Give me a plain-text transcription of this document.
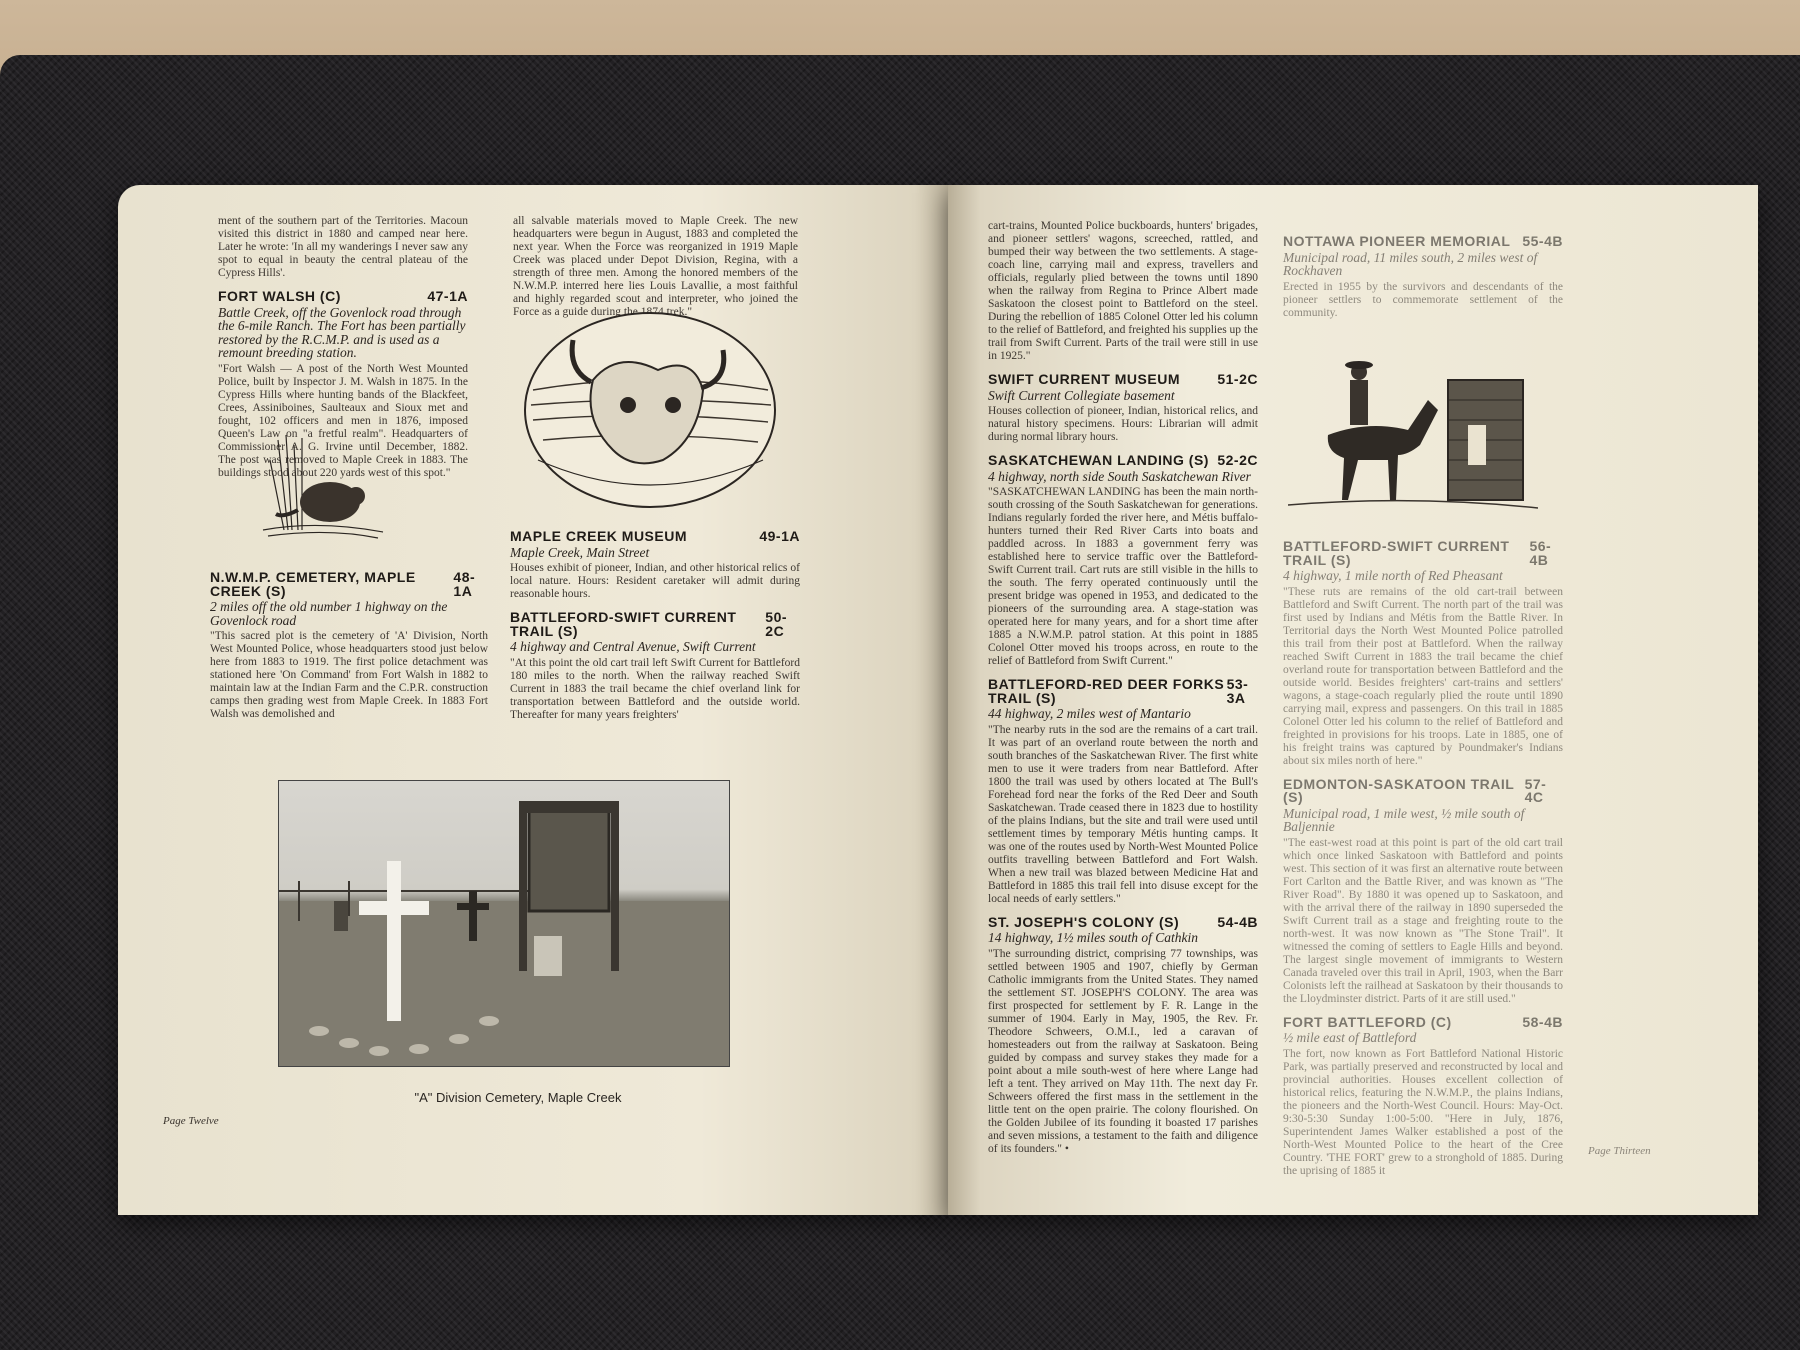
ment of the southern part of the Territories. Macoun visited this district in 1880 and camped near here. Later he wrote: 'In all my wanderings I never saw any spot to equal in beauty the central plateau of the Cypress Hills'.
FORT WALSH (C)	47-1A
Battle Creek, off the Govenlock road through the 6-mile Ranch. The Fort has been partially restored by the R.C.M.P. and is used as a remount breeding station.
"Fort Walsh — A post of the North West Mounted Police, built by Inspector J. M. Walsh in 1875. In the Cypress Hills where hunting bands of the Blackfeet, Crees, Assiniboines, Saulteaux and Sioux met and fought, 102 officers and men in 1876, imposed Queen's Law on "a fretful realm". Headquarters of Commissioner A. G. Irvine until December, 1882. The post was removed to Maple Creek in 1883. The buildings stood about 220 yards west of this spot."
N.W.M.P. CEMETERY, MAPLE CREEK (S)
48-1A
2 miles off the old number 1 highway on the Govenlock road
"This sacred plot is the cemetery of 'A' Division, North West Mounted Police, whose headquarters stood just below here from 1883 to 1919. The first police detachment was stationed here 'On Command' from Fort Walsh in 1882 to maintain law at the Indian Farm and the C.P.R. construction camps then grading west from Maple Creek. In 1883 Fort Walsh was demolished and
all salvable materials moved to Maple Creek. The new headquarters were begun in August, 1883 and completed the next year. When the Force was reorganized in 1919 Maple Creek was placed under Depot Division, Regina, with a strength of three men. Among the honored members of the N.W.M.P. interred here lies Louis Lavallie, a most faithful and highly regarded scout and interpreter, who joined the Force as a guide during the 1874 trek."
MAPLE CREEK MUSEUM	49-1A
Maple Creek, Main Street
Houses exhibit of pioneer, Indian, and other historical relics of local nature. Hours: Resident caretaker will admit during reasonable hours.
BATTLEFORD-SWIFT CURRENT TRAIL (S)
50-2C
4 highway and Central Avenue, Swift Current
"At this point the old cart trail left Swift Current for Battleford 180 miles to the north. When the railway reached Swift Current in 1883 the trail became the chief overland link for transportation between Battleford and the outside world. Thereafter for many years freighters'
"A" Division Cemetery, Maple Creek
Page Twelve
cart-trains, Mounted Police buckboards, hunters' brigades, and pioneer settlers' wagons, screeched, rattled, and bumped their way between the two settlements. A stage-coach line, carrying mail and express, travellers and officials, regularly plied between the towns until 1890 when the railway from Regina to Prince Albert made Saskatoon the closest point to Battleford on the steel. During the rebellion of 1885 Colonel Otter led his column to the relief of Battleford, and freighted his supplies up the trail from Swift Current. Parts of the trail were still in use in 1925."
SWIFT CURRENT MUSEUM	51-2C
Swift Current Collegiate basement
Houses collection of pioneer, Indian, historical relics, and natural history specimens. Hours: Librarian will admit during normal library hours.
SASKATCHEWAN LANDING (S) 52-2C
4 highway, north side South Saskatchewan River
"SASKATCHEWAN LANDING has been the main north-south crossing of the South Saskatchewan for generations. Indians regularly forded the river here, and Métis buffalo-hunters turned their Red River Carts into boats and paddled across. In 1883 a government ferry was established here to service traffic over the Battleford-Swift Current trail. Cart ruts are still visible in the hills to the south. The ferry operated continuously until the present bridge was opened in 1953, and dedicated to the pioneers of the surrounding area. A stage-station was operated here for many years, and for a short time after 1885 a N.W.M.P. patrol station. At this point in 1885 Colonel Otter moved his troops across, en route to the relief of Battleford from Swift Current."
BATTLEFORD-RED DEER FORKS TRAIL (S)
53-3A
44 highway, 2 miles west of Mantario
"The nearby ruts in the sod are the remains of a cart trail. It was part of an overland route between the north and south branches of the Saskatchewan River. The first white men to use it were traders from near Battleford. After 1800 the trail was used by others located at The Bull's Forehead ford near the forks of the Red Deer and South Saskatchewan. Trade ceased there in 1823 due to hostility of the plains Indians, but the site and trail were used until settlement times by temporary Métis hunting camps. It was one of the routes used by North-West Mounted Police outfits travelling between Battleford and Fort Walsh. When a new trail was blazed between Medicine Hat and Battleford in 1885 this trail fell into disuse except for the local needs of early settlers."
ST. JOSEPH'S COLONY (S)	54-4B
14 highway, 1½ miles south of Cathkin
"The surrounding district, comprising 77 townships, was settled between 1905 and 1907, chiefly by German Catholic immigrants from the United States. They named the settlement ST. JOSEPH'S COLONY. The area was first prospected for settlement by F. R. Lange in the summer of 1904. Early in May, 1905, the Rev. Fr. Theodore Schweers, O.M.I., led a caravan of homesteaders out from the railway at Saskatoon. Being guided by compass and survey stakes they made for a point about a mile south-west of here where Lange had left a tent. They arrived on May 11th. The next day Fr. Schweers offered the first mass in the settlement in the little tent on the open prairie. The colony flourished. On the Golden Jubilee of its founding it boasted 17 parishes and seven missions, a testament to the faith and diligence of its founders." •
NOTTAWA PIONEER MEMORIAL 55-4B
Municipal road, 11 miles south, 2 miles west of Rockhaven
Erected in 1955 by the survivors and descendants of the pioneer settlers to commemorate settlement of the community.
BATTLEFORD-SWIFT CURRENT TRAIL (S)
56-4B
4 highway, 1 mile north of Red Pheasant
"These ruts are remains of the old cart-trail between Battleford and Swift Current. The north part of the trail was first used by Indians and Métis from the Battle River. In Territorial days the North West Mounted Police patrolled this trail from their post at Battleford. When the railway reached Swift Current in 1883 the trail became the chief overland route for transportation between Battleford and the outside world. Besides freighters' cart-trains and settlers' wagons, a stage-coach regularly plied the route until 1890 carrying mail, express and passengers. On this trail in 1885 Colonel Otter led his column to the relief of Battleford and freighted in provisions for his troops. Late in 1885, one of his freight trains was captured by Poundmaker's Indians about six miles north of here."
EDMONTON-SASKATOON TRAIL (S)
57-4C
Municipal road, 1 mile west, ½ mile south of Baljennie
"The east-west road at this point is part of the old cart trail which once linked Saskatoon with Battleford and points west. This section of it was first an alternative route between Fort Carlton and the Battle River, and was known as "The River Road". By 1880 it was opened up to Saskatoon, and with the arrival there of the railway in 1890 superseded the Swift Current trail as a stage and freighting route to the north-west. It was now known as "The Stone Trail". It witnessed the coming of settlers to Eagle Hills and beyond. The largest single movement of immigrants to Western Canada traveled over this trail in April, 1903, when the Barr Colonists left the railhead at Saskatoon by their thousands to the Lloydminster district. Parts of it are still used."
FORT BATTLEFORD (C)	58-4B
½ mile east of Battleford
The fort, now known as Fort Battleford National Historic Park, was partially preserved and reconstructed by local and provincial authorities. Houses excellent collection of historical relics, featuring the N.W.M.P., the plains Indians, the pioneers and the North-West Council. Hours: May-Oct. 9:30-5:30 Sunday 1:00-5:00. "Here in July, 1876, Superintendent James Walker established a post of the North-West Mounted Police to the heart of the Cree Country. 'THE FORT' grew to a stronghold of 1885. During the uprising of 1885 it
Page Thirteen
